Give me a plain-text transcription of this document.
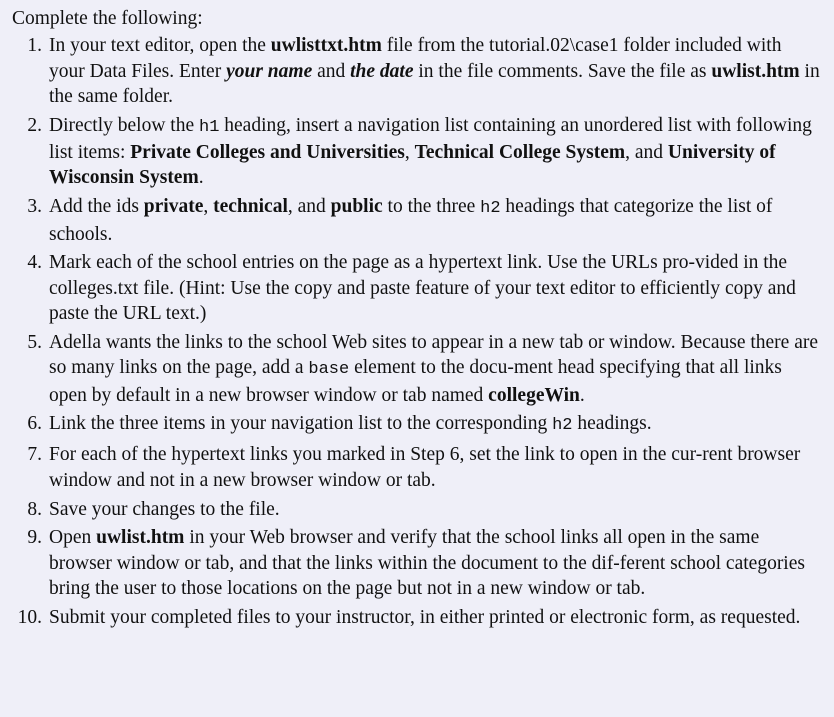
Complete the following:

1. In your text editor, open the uwlisttxt.htm file from the tutorial.02\case1 folder included with your Data Files. Enter your name and the date in the file comments. Save the file as uwlist.htm in the same folder.
2. Directly below the h1 heading, insert a navigation list containing an unordered list with following list items: Private Colleges and Universities, Technical College System, and University of Wisconsin System.
3. Add the ids private, technical, and public to the three h2 headings that categorize the list of schools.
4. Mark each of the school entries on the page as a hypertext link. Use the URLs pro-vided in the colleges.txt file. (Hint: Use the copy and paste feature of your text editor to efficiently copy and paste the URL text.)
5. Adella wants the links to the school Web sites to appear in a new tab or window. Because there are so many links on the page, add a base element to the docu-ment head specifying that all links open by default in a new browser window or tab named collegeWin.
6. Link the three items in your navigation list to the corresponding h2 headings.
7. For each of the hypertext links you marked in Step 6, set the link to open in the cur-rent browser window and not in a new browser window or tab.
8. Save your changes to the file.
9. Open uwlist.htm in your Web browser and verify that the school links all open in the same browser window or tab, and that the links within the document to the dif-ferent school categories bring the user to those locations on the page but not in a new window or tab.
10. Submit your completed files to your instructor, in either printed or electronic form, as requested.
